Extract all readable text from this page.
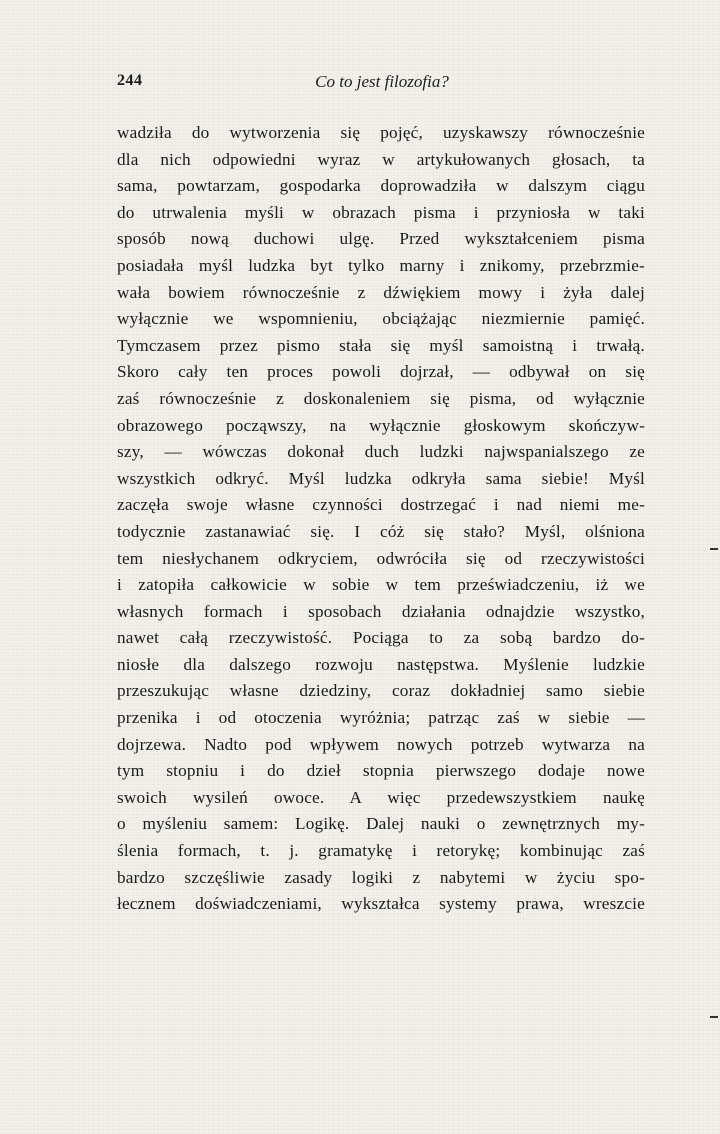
244	Co to jest filozofia?
wadziła do wytworzenia się pojęć, uzyskawszy równocześnie
dla nich odpowiedni wyraz w artykułowanych głosach, ta
sama, powtarzam, gospodarka doprowadziła w dalszym ciągu
do utrwalenia myśli w obrazach pisma i przyniosła w taki
sposób nową duchowi ulgę. Przed wykształceniem pisma
posiadała myśl ludzka byt tylko marny i znikomy, przebrzmie-
wała bowiem równocześnie z dźwiękiem mowy i żyła dalej
wyłącznie we wspomnieniu, obciążając niezmiernie pamięć.
Tymczasem przez pismo stała się myśl samoistną i trwałą.
Skoro cały ten proces powoli dojrzał, — odbywał on się
zaś równocześnie z doskonaleniem się pisma, od wyłącznie
obrazowego począwszy, na wyłącznie głoskowym skończyw-
szy, — wówczas dokonał duch ludzki najwspanialszego ze
wszystkich odkryć. Myśl ludzka odkryła sama siebie! Myśl
zaczęła swoje własne czynności dostrzegać i nad niemi me-
todycznie zastanawiać się. I cóż się stało? Myśl, olśniona
tem niesłychanem odkryciem, odwróciła się od rzeczywistości
i zatopiła całkowicie w sobie w tem przeświadczeniu, iż we
własnych formach i sposobach działania odnajdzie wszystko,
nawet całą rzeczywistość. Pociąga to za sobą bardzo do-
niosłe dla dalszego rozwoju następstwa. Myślenie ludzkie
przeszukując własne dziedziny, coraz dokładniej samo siebie
przenika i od otoczenia wyróżnia; patrząc zaś w siebie —
dojrzewa. Nadto pod wpływem nowych potrzeb wytwarza na
tym stopniu i do dzieł stopnia pierwszego dodaje nowe
swoich wysileń owoce. A więc przedewszystkiem naukę
o myśleniu samem: Logikę. Dalej nauki o zewnętrznych my-
ślenia formach, t. j. gramatykę i retorykę; kombinując zaś
bardzo szczęśliwie zasady logiki z nabytemi w życiu spo-
łecznem doświadczeniami, wykształca systemy prawa, wreszcie
